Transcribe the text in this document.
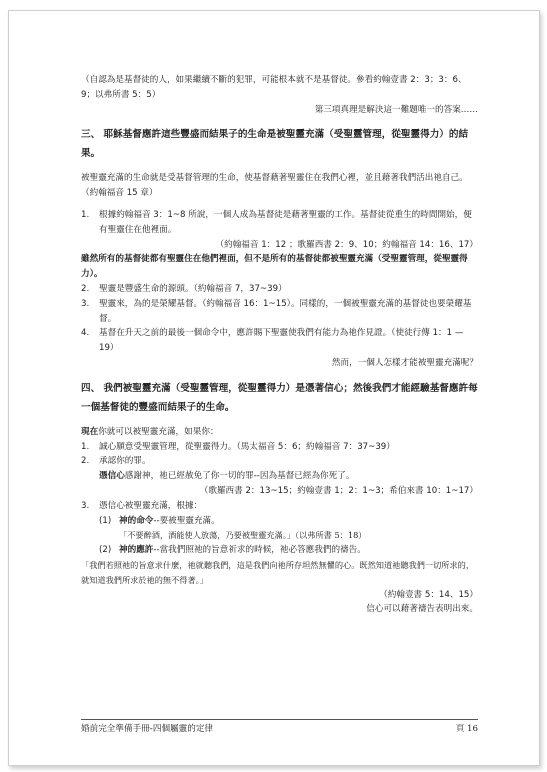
（自認為是基督徒的人，如果繼續不斷的犯罪，可能根本就不是基督徒。參看約翰壹書 2：3；3：6、9；以弗所書 5：5）

第三項真理是解決這一難題唯一的答案……

三、 耶穌基督應許這些豐盛而結果子的生命是被聖靈充滿（受聖靈管理，從聖靈得力）的結果。

被聖靈充滿的生命就是受基督管理的生命，使基督藉著聖靈住在我們心裡，並且藉著我們活出祂自己。（約翰福音 15 章）

1.	根據約翰福音 3：1~8 所說，一個人成為基督徒是藉著聖靈的工作。基督徒從重生的時間開始，便有聖靈住在他裡面。

（約翰福音 1：12 ；歌羅西書 2：9、10；約翰福音 14：16、17）

雖然所有的基督徒都有聖靈住在他們裡面，但不是所有的基督徒都被聖靈充滿（受聖靈管理，從聖靈得力）。

2.	聖靈是豐盛生命的源頭。（約翰福音 7，37~39）
3.	聖靈來，為的是榮耀基督。（約翰福音 16：1~15）。同樣的，一個被聖靈充滿的基督徒也要榮耀基督。
4.	基督在升天之前的最後一個命令中，應許賜下聖靈使我們有能力為祂作見證。（使徒行傳 1：1 — 19）

然而，一個人怎樣才能被聖靈充滿呢？

四、 我們被聖靈充滿（受聖靈管理，從聖靈得力）是憑著信心；然後我們才能經驗基督應許每一個基督徒的豐盛而結果子的生命。

現在你就可以被聖靈充滿，如果你：

1.	誠心願意受聖靈管理，從聖靈得力。（馬太福音 5：6；約翰福音 7：37~39）
2.	承認你的罪。

憑信心感謝神，祂已經赦免了你一切的罪--因為基督已經為你死了。

（歌羅西書 2：13~15；約翰壹書 1；2：1~3；希伯來書 10：1~17）

3.	憑信心被聖靈充滿，根據：
(1) 神的命令--要被聖靈充滿。

「不要醉酒，酒能使人放蕩，乃要被聖靈充滿。」（以弗所書 5：18）

(2) 神的應許--當我們照祂的旨意祈求的時候，祂必答應我們的禱告。

「我們若照祂的旨意求什麼，祂就聽我們，這是我們向祂所存坦然無懼的心。既然知道祂聽我們一切所求的，就知道我們所求於祂的無不得著。」

（約翰壹書 5：14、15）

信心可以藉著禱告表明出來。

婚前完全準備手冊-四個屬靈的定律	頁 16
